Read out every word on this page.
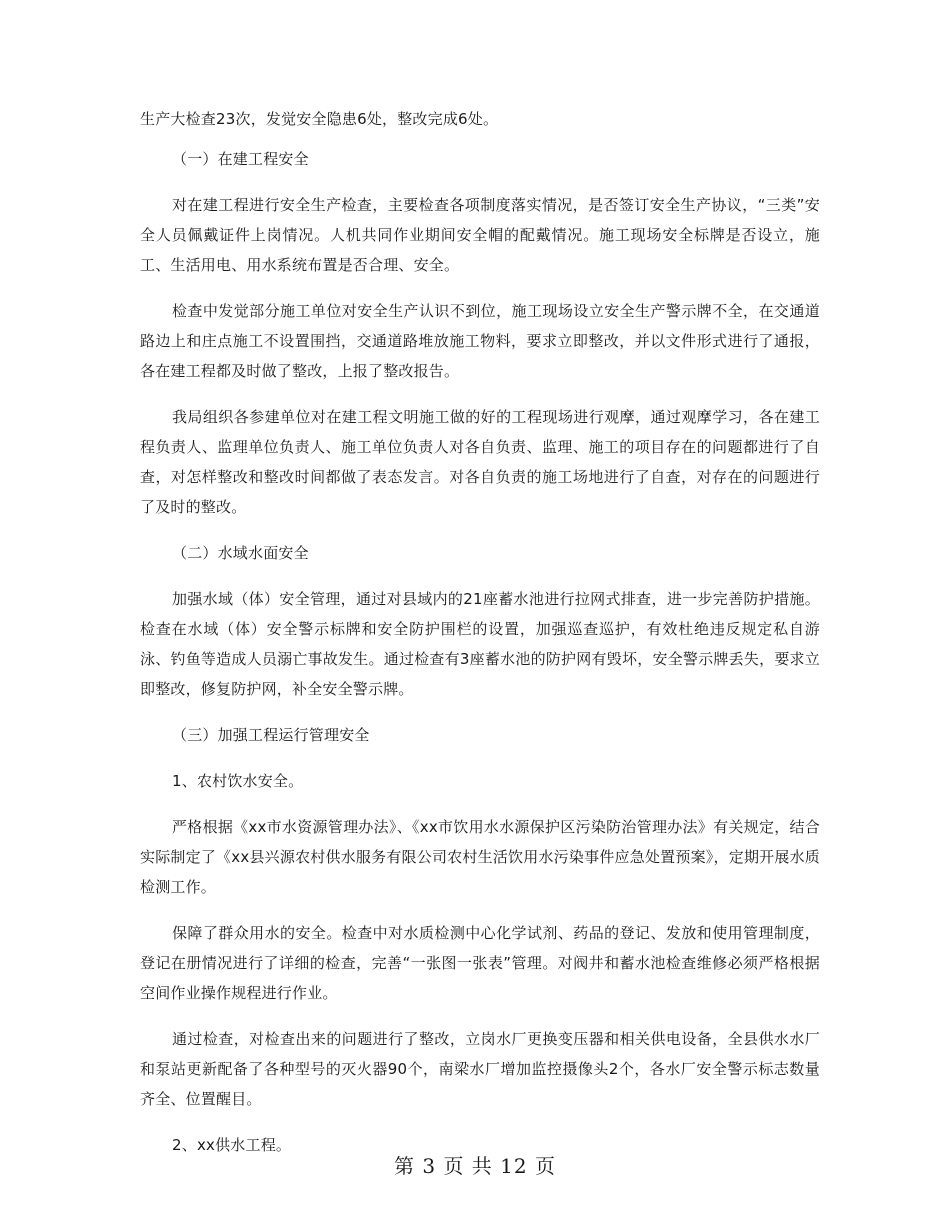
生产大检查23次，发觉安全隐患6处，整改完成6处。

（一）在建工程安全

对在建工程进行安全生产检查，主要检查各项制度落实情况，是否签订安全生产协议，“三类”安全人员佩戴证件上岗情况。人机共同作业期间安全帽的配戴情况。施工现场安全标牌是否设立，施工、生活用电、用水系统布置是否合理、安全。

检查中发觉部分施工单位对安全生产认识不到位，施工现场设立安全生产警示牌不全，在交通道路边上和庄点施工不设置围挡，交通道路堆放施工物料，要求立即整改，并以文件形式进行了通报，各在建工程都及时做了整改，上报了整改报告。

我局组织各参建单位对在建工程文明施工做的好的工程现场进行观摩，通过观摩学习，各在建工程负责人、监理单位负责人、施工单位负责人对各自负责、监理、施工的项目存在的问题都进行了自查，对怎样整改和整改时间都做了表态发言。对各自负责的施工场地进行了自查，对存在的问题进行了及时的整改。

（二）水域水面安全

加强水域（体）安全管理，通过对县域内的21座蓄水池进行拉网式排查，进一步完善防护措施。检查在水域（体）安全警示标牌和安全防护围栏的设置，加强巡查巡护，有效杜绝违反规定私自游泳、钓鱼等造成人员溺亡事故发生。通过检查有3座蓄水池的防护网有毁坏，安全警示牌丢失，要求立即整改，修复防护网，补全安全警示牌。

（三）加强工程运行管理安全

1、农村饮水安全。

严格根据《xx市水资源管理办法》、《xx市饮用水水源保护区污染防治管理办法》有关规定，结合实际制定了《xx县兴源农村供水服务有限公司农村生活饮用水污染事件应急处置预案》，定期开展水质检测工作。

保障了群众用水的安全。检查中对水质检测中心化学试剂、药品的登记、发放和使用管理制度，登记在册情况进行了详细的检查，完善“一张图一张表”管理。对阀井和蓄水池检查维修必须严格根据空间作业操作规程进行作业。

通过检查，对检查出来的问题进行了整改，立岗水厂更换变压器和相关供电设备，全县供水水厂和泵站更新配备了各种型号的灭火器90个，南梁水厂增加监控摄像头2个，各水厂安全警示标志数量齐全、位置醒目。

2、xx供水工程。

第 3 页 共 12 页
